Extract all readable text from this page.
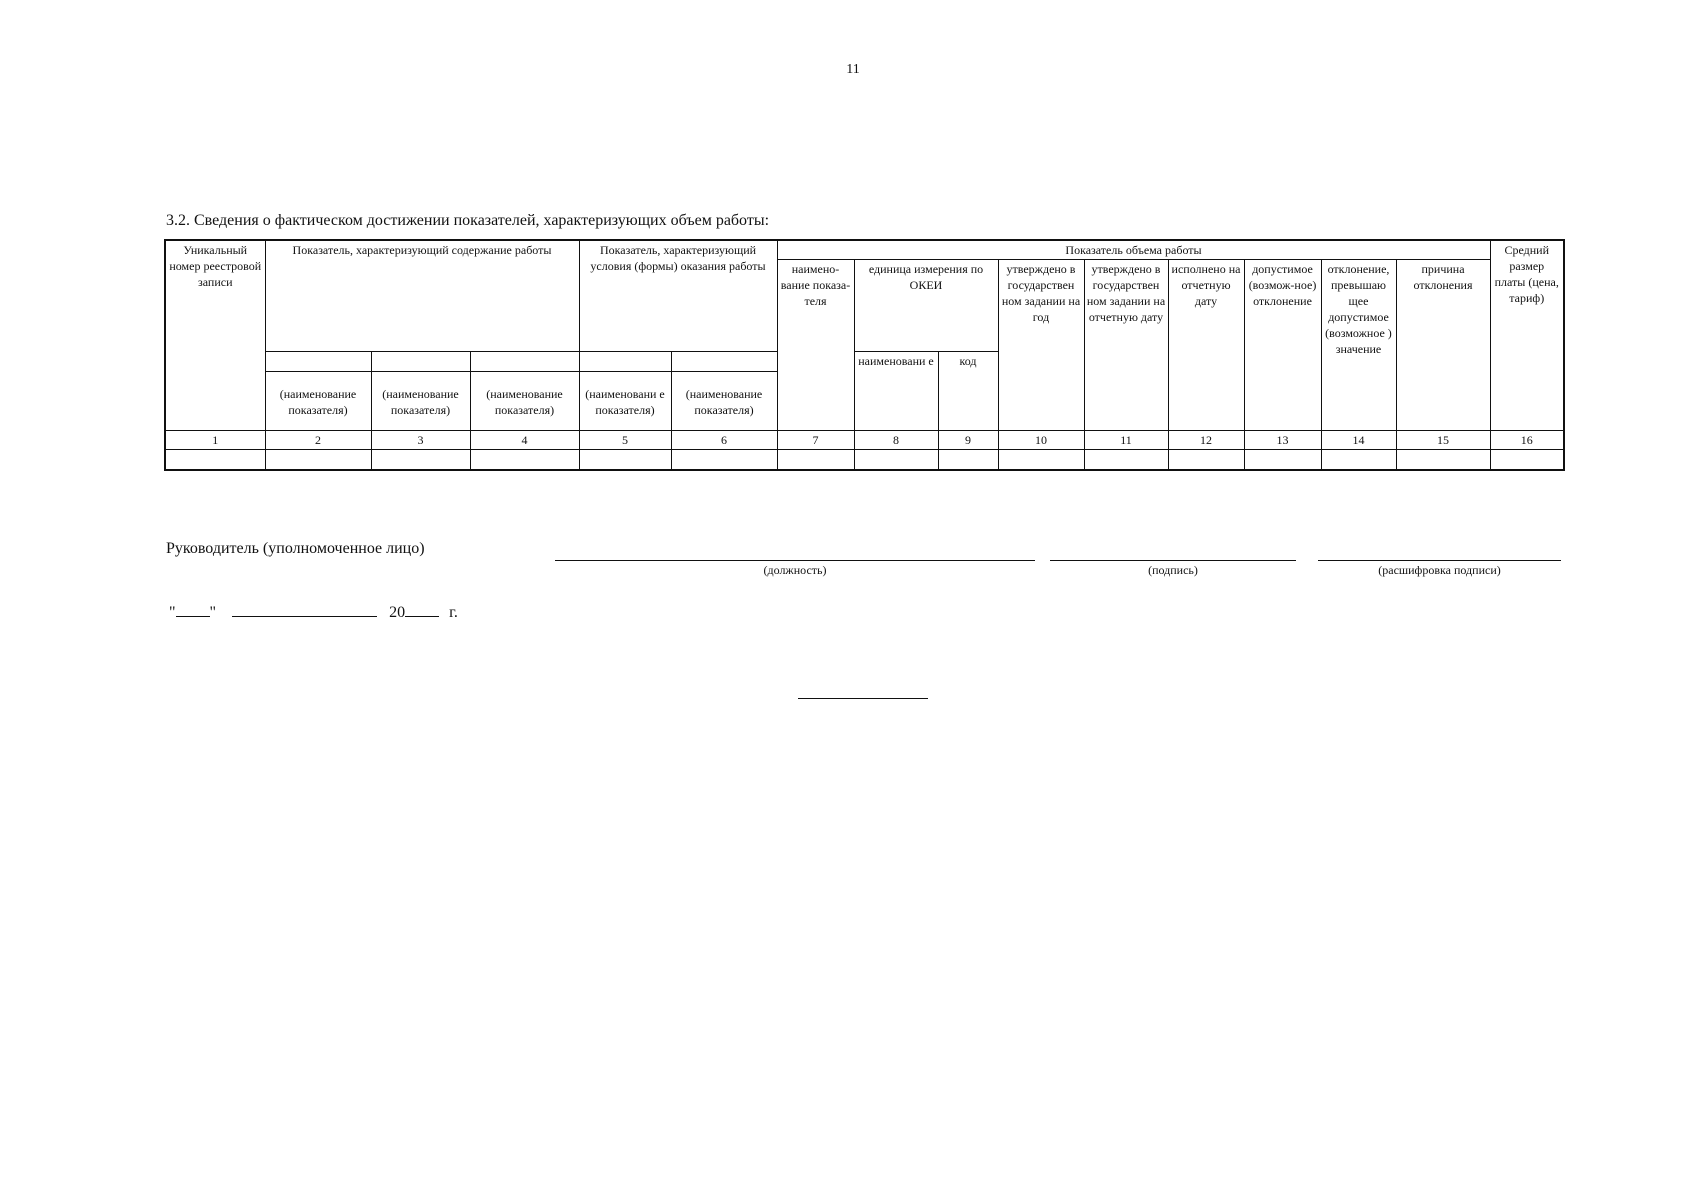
11
3.2. Сведения о фактическом достижении показателей, характеризующих объем работы:
Уникальный номер реестровой записи	Показатель, характеризующий содержание работы			Показатель, характеризующий условия (формы) оказания работы		Показатель объема работы									Средний размер платы (цена, тариф)
						наимено-вание показа-теля	единица измерения по ОКЕИ		утверждено в государствен ном задании на год	утверждено в государствен ном задании на отчетную дату	исполнено на отчетную дату	допустимое (возмож-ное) отклонение	отклонение, превышаю щее допустимое (возможное ) значение	причина отклонения	

							наименовани е	код							
	(наименование показателя)	(наименование показателя)	(наименование показателя)	(наименовани е показателя)	(наименование показателя)										
1	2	3	4	5	6	7	8	9	10	11	12	13	14	15	16

Руководитель (уполномоченное лицо)
(должность)	(подпись)	(расшифровка подписи)
" "	20	г.
